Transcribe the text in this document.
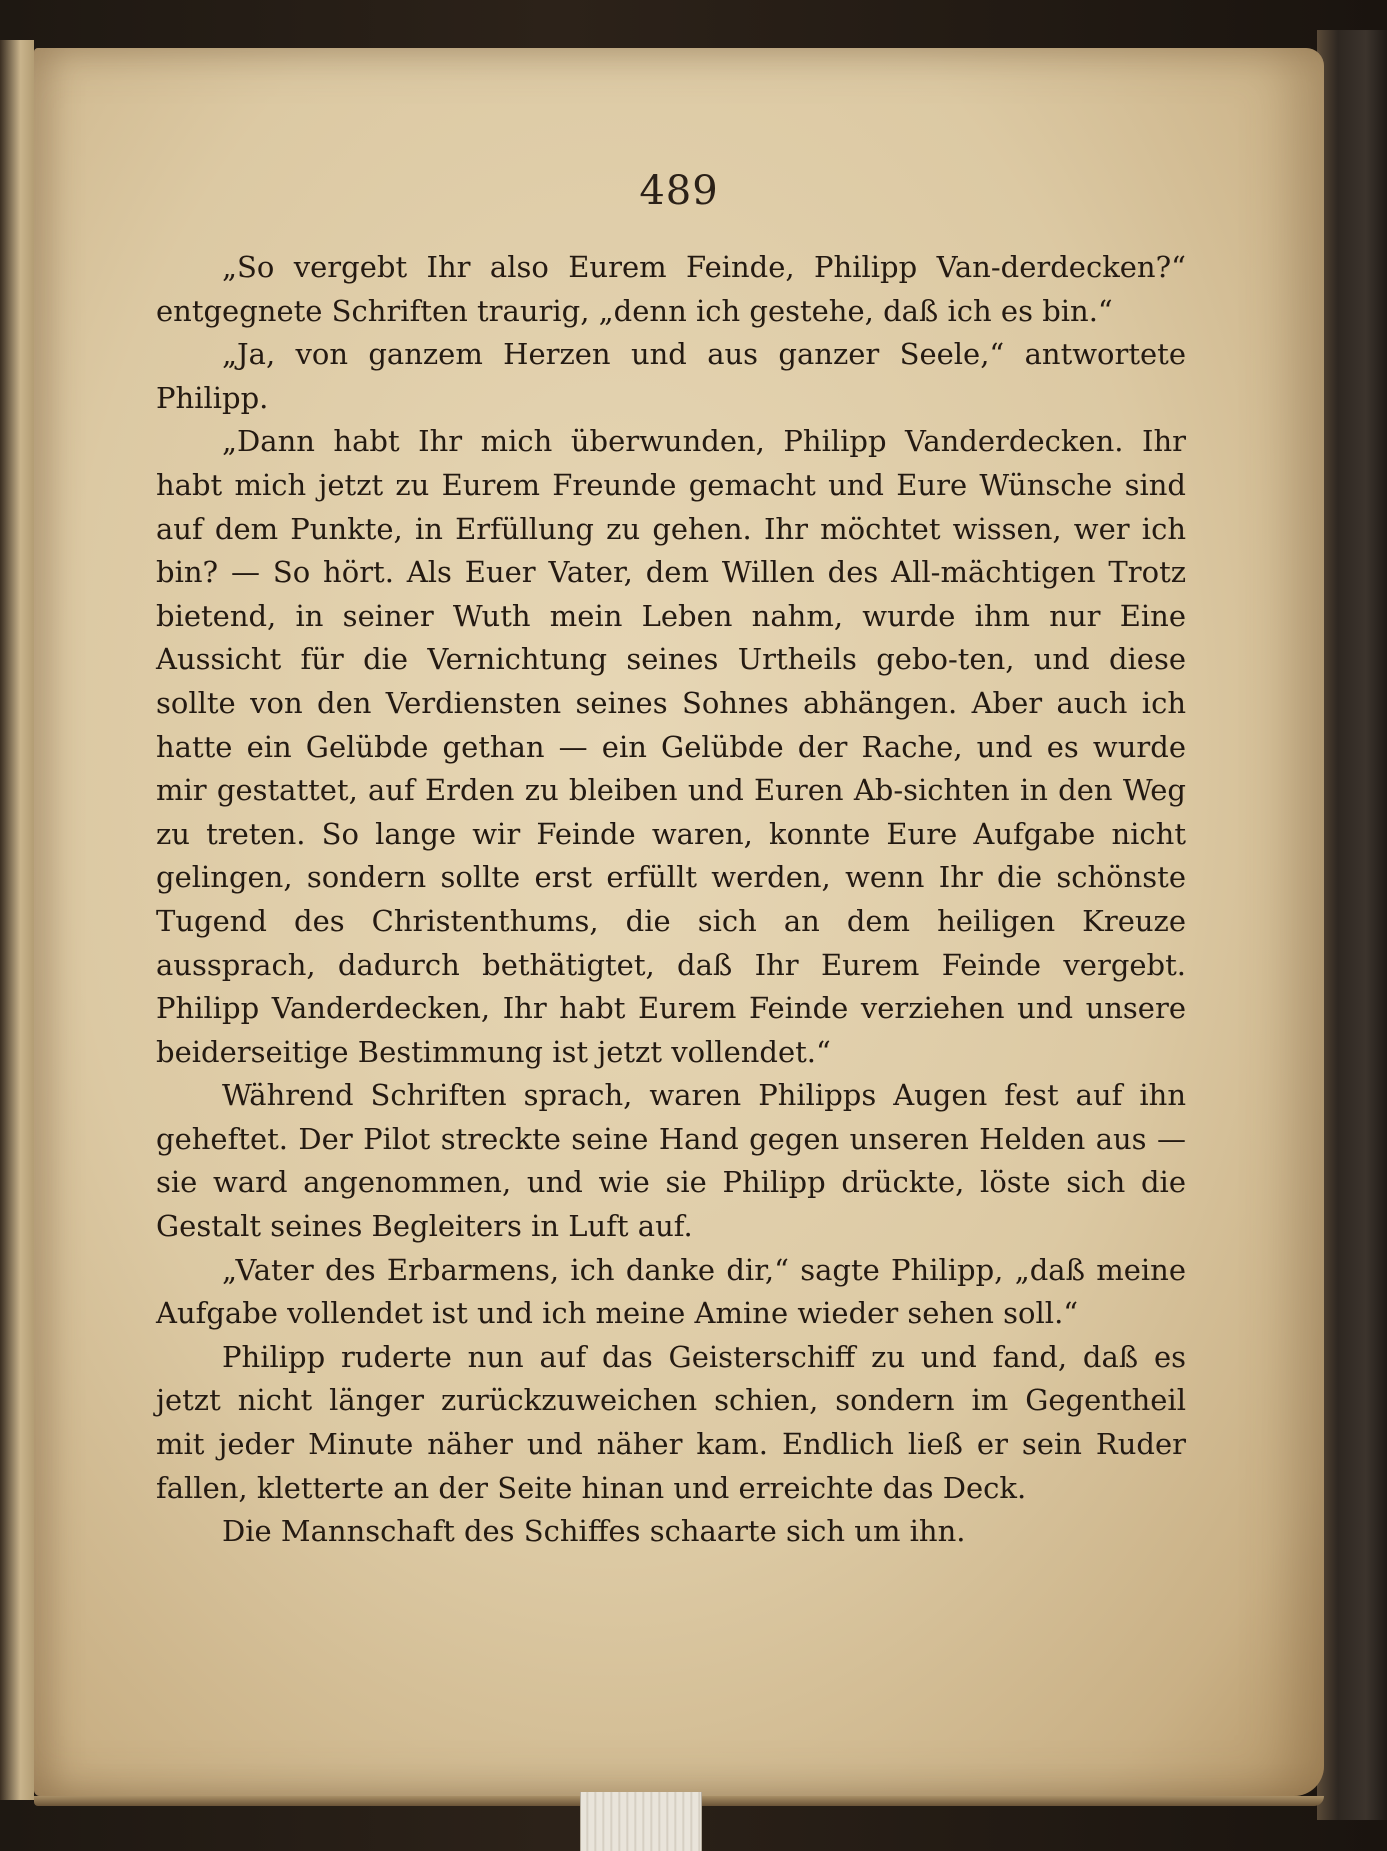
489

„So vergebt Ihr also Eurem Feinde, Philipp Van-derdecken?“ entgegnete Schriften traurig, „denn ich gestehe, daß ich es bin.“

„Ja, von ganzem Herzen und aus ganzer Seele,“ antwortete Philipp.

„Dann habt Ihr mich überwunden, Philipp Vanderdecken. Ihr habt mich jetzt zu Eurem Freunde gemacht und Eure Wünsche sind auf dem Punkte, in Erfüllung zu gehen. Ihr möchtet wissen, wer ich bin? — So hört. Als Euer Vater, dem Willen des All-mächtigen Trotz bietend, in seiner Wuth mein Leben nahm, wurde ihm nur Eine Aussicht für die Vernichtung seines Urtheils gebo-ten, und diese sollte von den Verdiensten seines Sohnes abhängen. Aber auch ich hatte ein Gelübde gethan — ein Gelübde der Rache, und es wurde mir gestattet, auf Erden zu bleiben und Euren Ab-sichten in den Weg zu treten. So lange wir Feinde waren, konnte Eure Aufgabe nicht gelingen, sondern sollte erst erfüllt werden, wenn Ihr die schönste Tugend des Christenthums, die sich an dem heiligen Kreuze aussprach, dadurch bethätigtet, daß Ihr Eurem Feinde vergebt. Philipp Vanderdecken, Ihr habt Eurem Feinde verziehen und unsere beiderseitige Bestimmung ist jetzt vollendet.“

Während Schriften sprach, waren Philipps Augen fest auf ihn geheftet. Der Pilot streckte seine Hand gegen unseren Helden aus — sie ward angenommen, und wie sie Philipp drückte, löste sich die Gestalt seines Begleiters in Luft auf.

„Vater des Erbarmens, ich danke dir,“ sagte Philipp, „daß meine Aufgabe vollendet ist und ich meine Amine wieder sehen soll.“

Philipp ruderte nun auf das Geisterschiff zu und fand, daß es jetzt nicht länger zurückzuweichen schien, sondern im Gegentheil mit jeder Minute näher und näher kam. Endlich ließ er sein Ruder fallen, kletterte an der Seite hinan und erreichte das Deck.

Die Mannschaft des Schiffes schaarte sich um ihn.
